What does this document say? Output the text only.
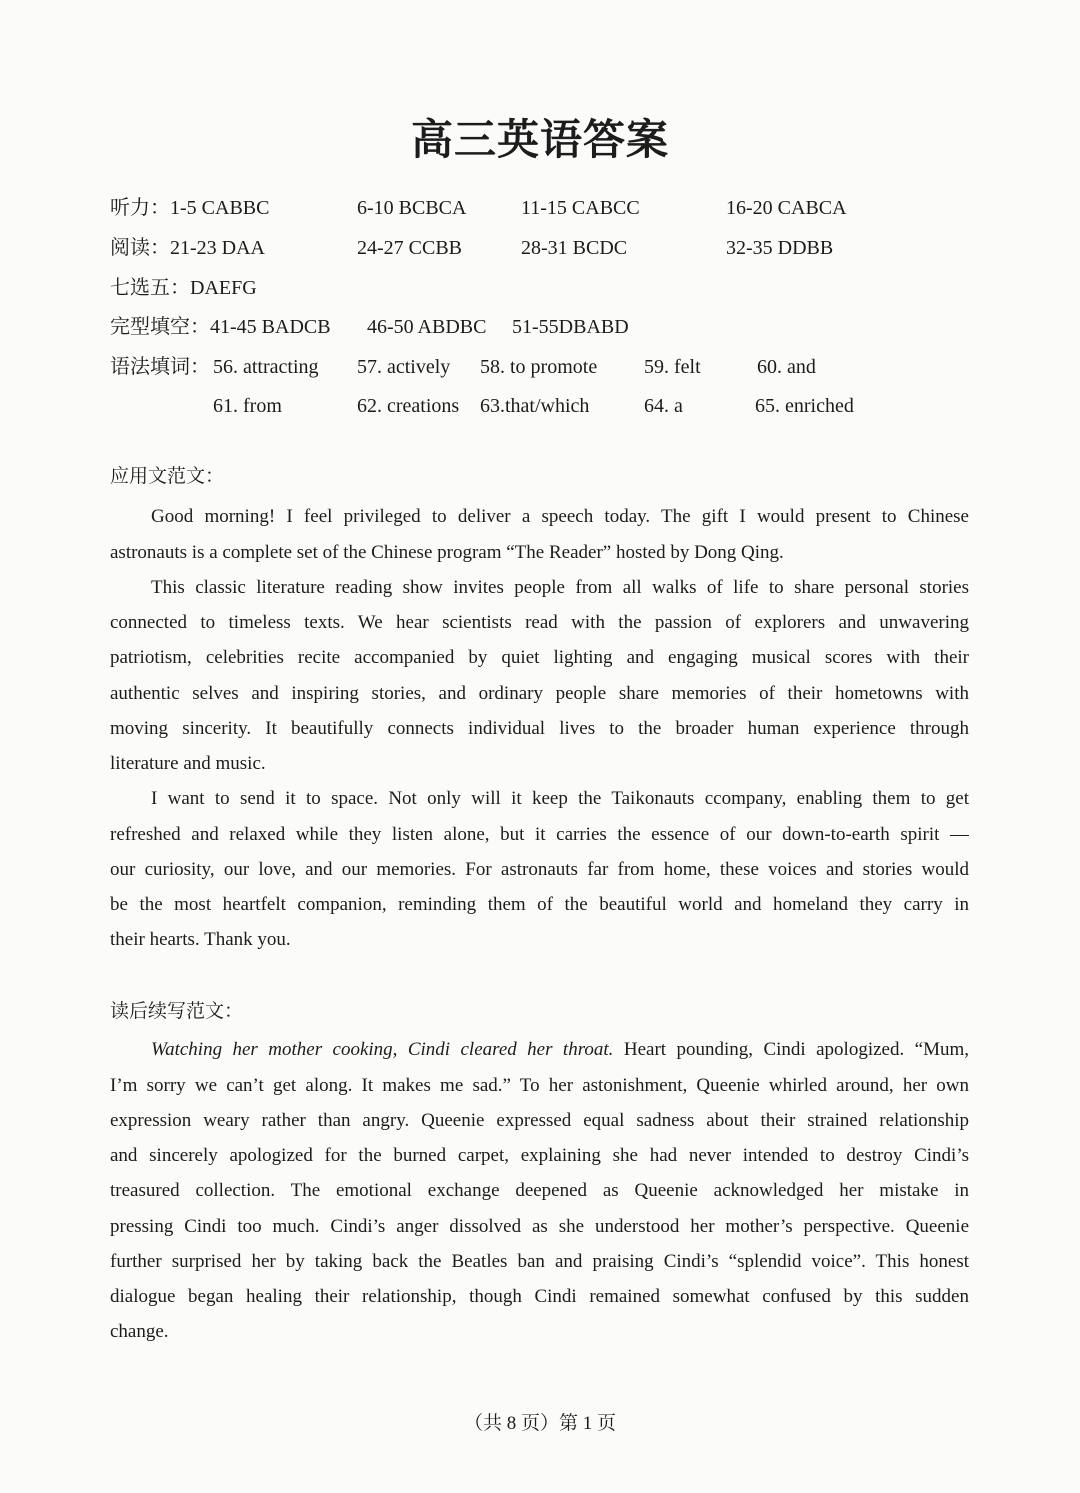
高三英语答案
听力：1-5 CABBC	6-10 BCBCA	11-15 CABCC	16-20 CABCA
阅读：21-23 DAA	24-27 CCBB	28-31 BCDC	32-35 DDBB
七选五：DAEFG
完型填空：41-45 BADCB 46-50 ABDBC 51-55DBABD
语法填词： 56. attracting 57. actively 58. to promote 59. felt	60. and
61. from	62. creations 63.that/which	64. a	65. enriched
应用文范文：
Good morning! I feel privileged to deliver a speech today. The gift I would present to Chinese
astronauts is a complete set of the Chinese program “The Reader” hosted by Dong Qing.
This classic literature reading show invites people from all walks of life to share personal stories
connected to timeless texts. We hear scientists read with the passion of explorers and unwavering
patriotism, celebrities recite accompanied by quiet lighting and engaging musical scores with their
authentic selves and inspiring stories, and ordinary people share memories of their hometowns with
moving sincerity. It beautifully connects individual lives to the broader human experience through
literature and music.
I want to send it to space. Not only will it keep the Taikonauts ccompany, enabling them to get
refreshed and relaxed while they listen alone, but it carries the essence of our down-to-earth spirit —
our curiosity, our love, and our memories. For astronauts far from home, these voices and stories would
be the most heartfelt companion, reminding them of the beautiful world and homeland they carry in
their hearts. Thank you.
读后续写范文：
Watching her mother cooking, Cindi cleared her throat. Heart pounding, Cindi apologized. “Mum,
I’m sorry we can’t get along. It makes me sad.” To her astonishment, Queenie whirled around, her own
expression weary rather than angry. Queenie expressed equal sadness about their strained relationship
and sincerely apologized for the burned carpet, explaining she had never intended to destroy Cindi’s
treasured collection. The emotional exchange deepened as Queenie acknowledged her mistake in
pressing Cindi too much. Cindi’s anger dissolved as she understood her mother’s perspective. Queenie
further surprised her by taking back the Beatles ban and praising Cindi’s “splendid voice”. This honest
dialogue began healing their relationship, though Cindi remained somewhat confused by this sudden
change.
（共 8 页）第 1 页
